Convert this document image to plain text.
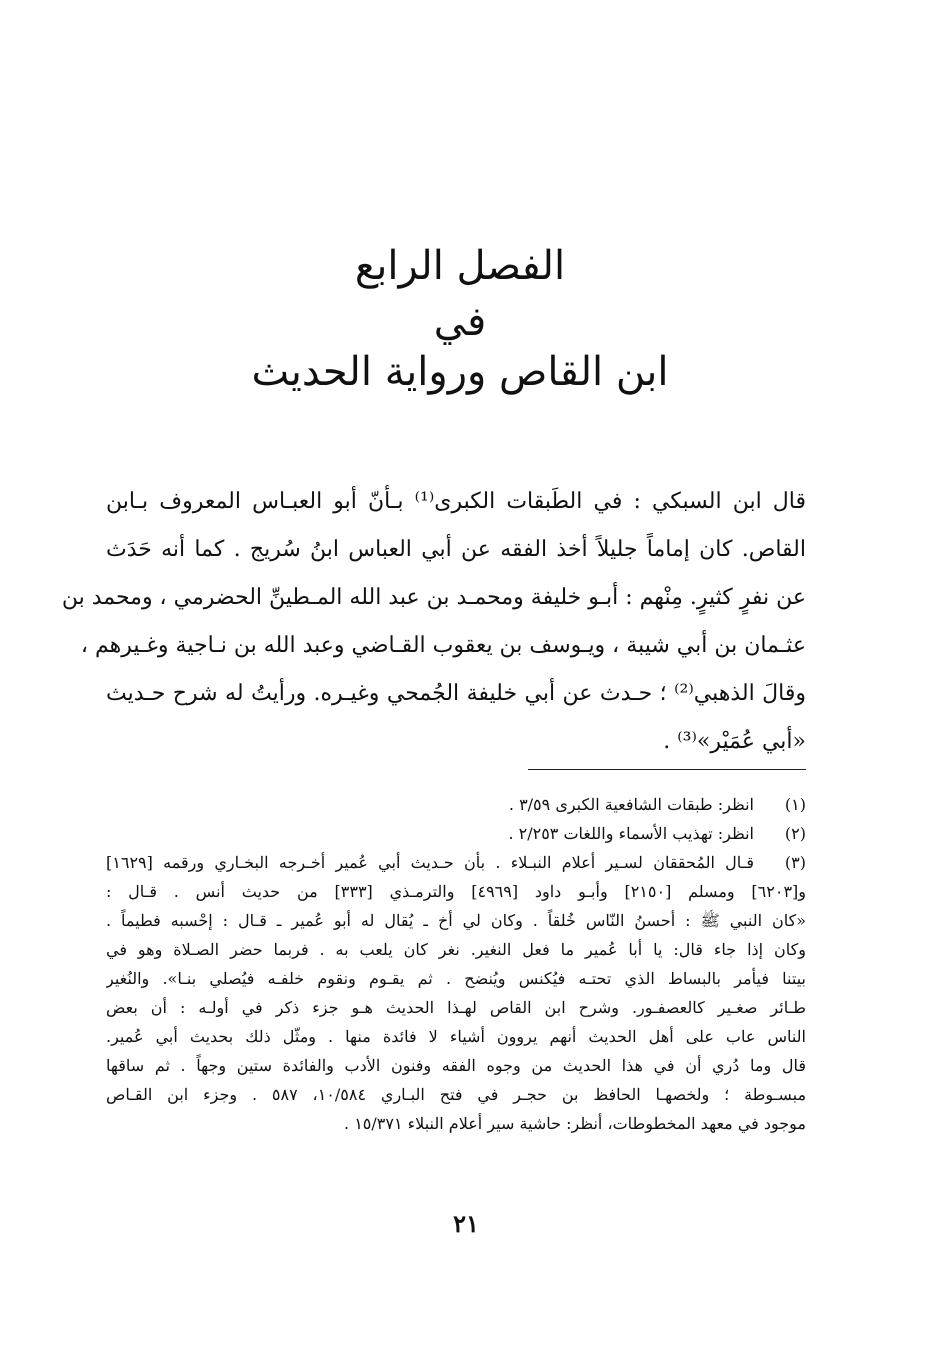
الفصل الرابع
في
ابن القاص ورواية الحديث
قال ابن السبكي : في الطَبقات الكبرى⁽¹⁾ بـأنّ أبو العبـاس المعروف بـابن
القاص. كان إماماً جليلاً أخذ الفقه عن أبي العباس ابنُ سُريج . كما أنه حَدَث
عن نفرٍ كثيرٍ. مِنْهم : أبـو خليفة ومحمـد بن عبد الله المـطينِّ الحضرمي ، ومحمد بن
عثـمان بن أبي شيبة ، ويـوسف بن يعقوب القـاضي وعبد الله بن نـاجية وغـيرهم ،
وقالَ الذهبي⁽²⁾ ؛ حـدث عن أبي خليفة الجُمحي وغيـره. ورأيتُ له شرح حـديث
«أبي عُمَيْر»⁽³⁾ .
(١)
انظر: طبقات الشافعية الكبرى ٣/٥٩ .
(٢)
انظر: تهذيب الأسماء واللغات ٢/٢٥٣ .
(٣)
قـال المُحققان لسـير أعلام النبـلاء . بأن حـديث أبي عُمير أخـرجه البخـاري ورقمه [١٦٢٩]
و[٦٢٠٣] ومسلم [٢١٥٠] وأبـو داود [٤٩٦٩] والترمـذي [٣٣٣] من حديث أنس . قـال :
«كان النبي ﷺ : أحسنُ النّاس خُلقاً . وكان لي أخ ـ يُقال له أبو عُمير ـ قـال : إحْسبه فطيماً .
وكان إذا جاء قال: يا أبا عُمير ما فعل النغير. نغر كان يلعب به . فربما حضر الصـلاة وهو في
بيتنا فيأمر بالبساط الذي تحتـه فيُكنس ويُنضح . ثم يقـوم ونقوم خلفـه فيُصلي بنـا». والنُغير
طـائر صغـير كالعصفـور. وشرح ابن القاص لهـذا الحديث هـو جزء ذكر في أولـه : أن بعض
الناس عاب على أهل الحديث أنهم يروون أشياء لا فائدة منها . ومثّل ذلك بحديث أبي عُمير.
قال وما دُري أن في هذا الحديث من وجوه الفقه وفنون الأدب والفائدة ستين وجهاً . ثم ساقها
مبسـوطة ؛ ولخصهـا الحافظ بن حجـر في فتح البـاري ١٠/٥٨٤، ٥٨٧ . وجزء ابن القـاص
موجود في معهد المخطوطات، أنظر: حاشية سير أعلام النبلاء ١٥/٣٧١ .
٢١
